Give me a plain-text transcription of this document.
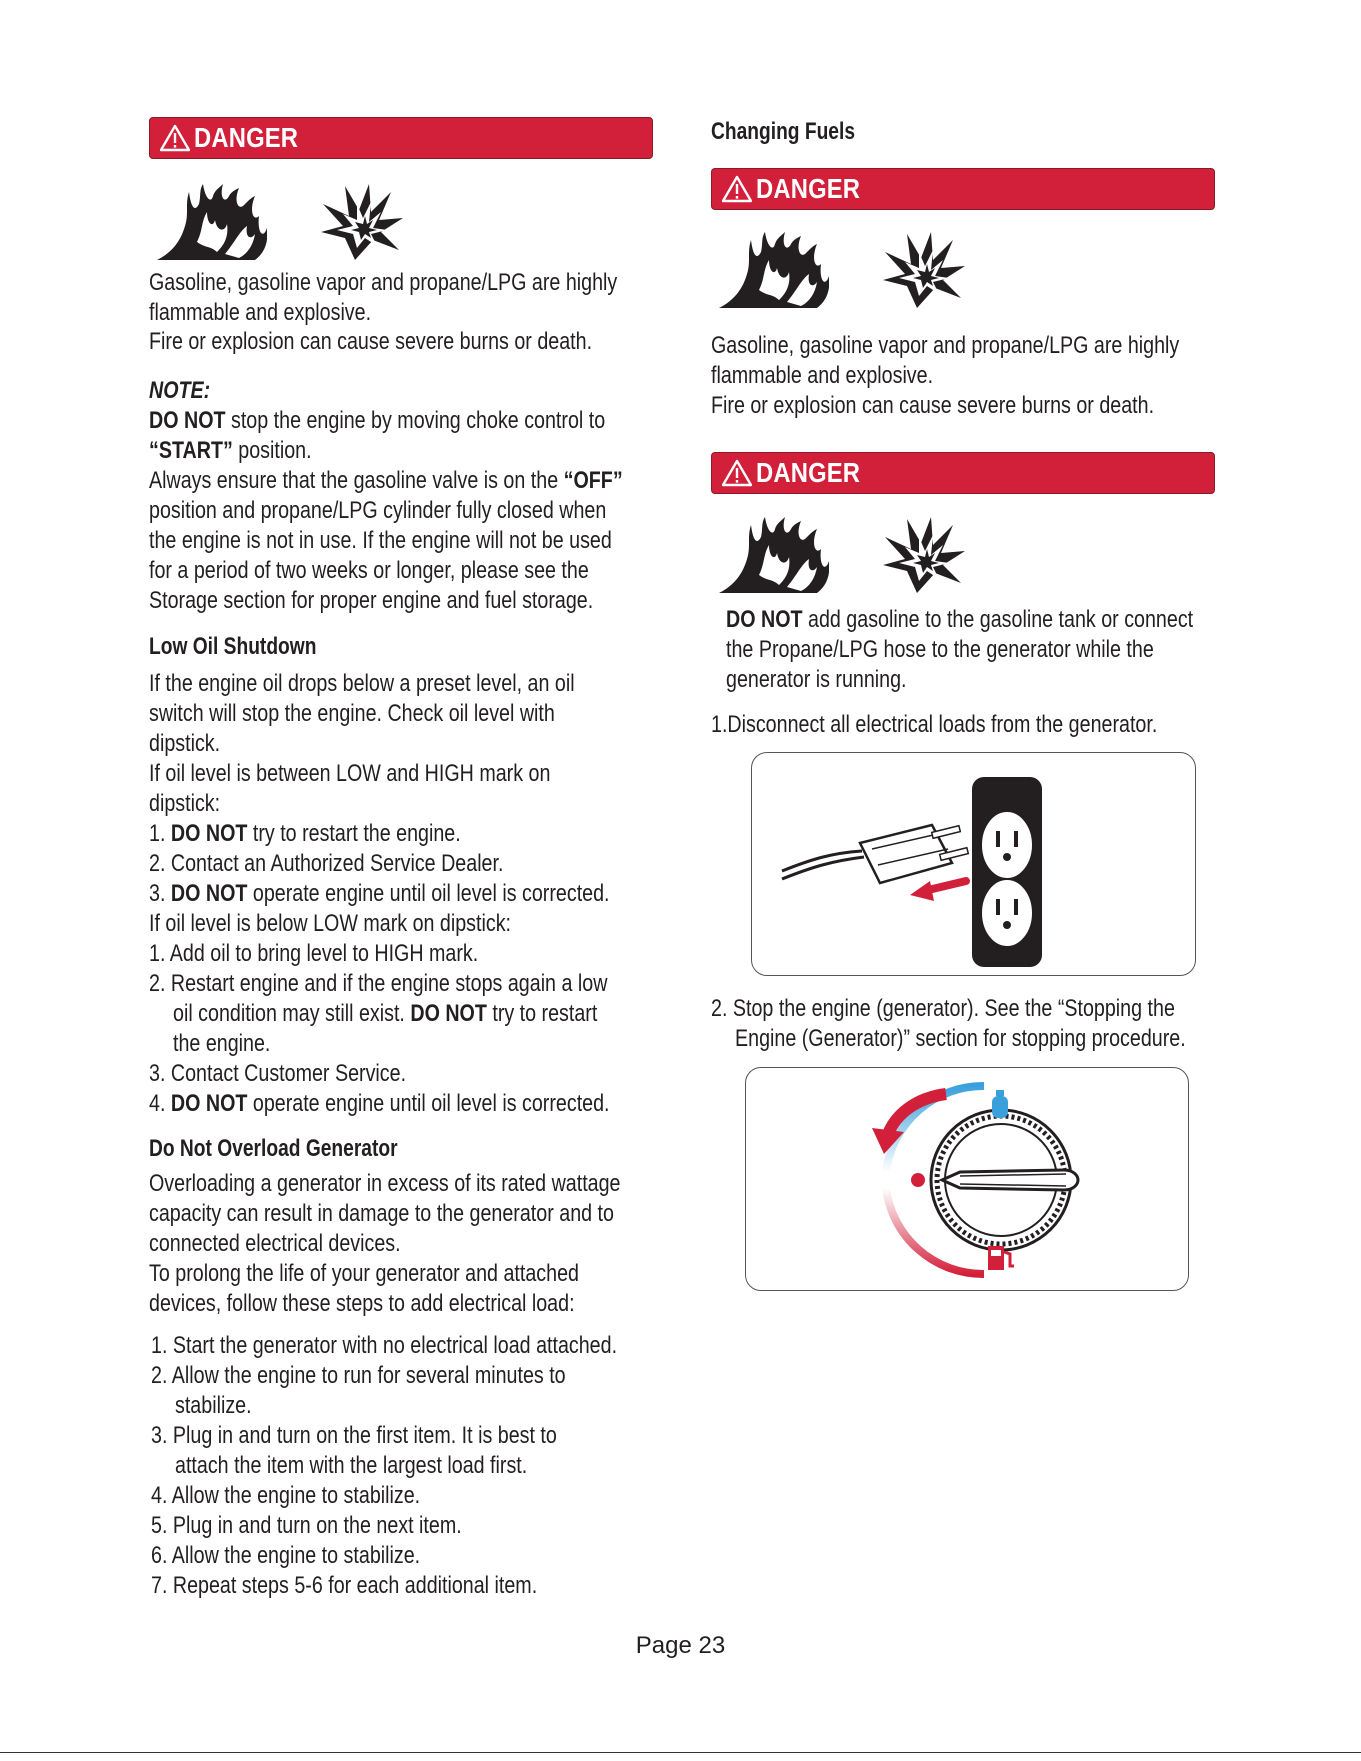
DANGER
Gasoline, gasoline vapor and propane/LPG are highly
flammable and explosive.
Fire or explosion can cause severe burns or death.
NOTE:
DO NOT stop the engine by moving choke control to
“START” position.
Always ensure that the gasoline valve is on the “OFF”
position and propane/LPG cylinder fully closed when
the engine is not in use. If the engine will not be used
for a period of two weeks or longer, please see the
Storage section for proper engine and fuel storage.
Low Oil Shutdown
If the engine oil drops below a preset level, an oil
switch will stop the engine. Check oil level with
dipstick.
If oil level is between LOW and HIGH mark on
dipstick:
1. DO NOT try to restart the engine.
2. Contact an Authorized Service Dealer.
3. DO NOT operate engine until oil level is corrected.
If oil level is below LOW mark on dipstick:
1. Add oil to bring level to HIGH mark.
2. Restart engine and if the engine stops again a low
oil condition may still exist. DO NOT try to restart
the engine.
3. Contact Customer Service.
4. DO NOT operate engine until oil level is corrected.
Do Not Overload Generator
Overloading a generator in excess of its rated wattage
capacity can result in damage to the generator and to
connected electrical devices.
To prolong the life of your generator and attached
devices, follow these steps to add electrical load:
1. Start the generator with no electrical load attached.
2. Allow the engine to run for several minutes to
stabilize.
3. Plug in and turn on the first item. It is best to
attach the item with the largest load first.
4. Allow the engine to stabilize.
5. Plug in and turn on the next item.
6. Allow the engine to stabilize.
7. Repeat steps 5-6 for each additional item.
Changing Fuels
DANGER
Gasoline, gasoline vapor and propane/LPG are highly
flammable and explosive.
Fire or explosion can cause severe burns or death.
DANGER
DO NOT add gasoline to the gasoline tank or connect
the Propane/LPG hose to the generator while the
generator is running.
1.Disconnect all electrical loads from the generator.
2. Stop the engine (generator). See the “Stopping the
Engine (Generator)” section for stopping procedure.
Page 23
